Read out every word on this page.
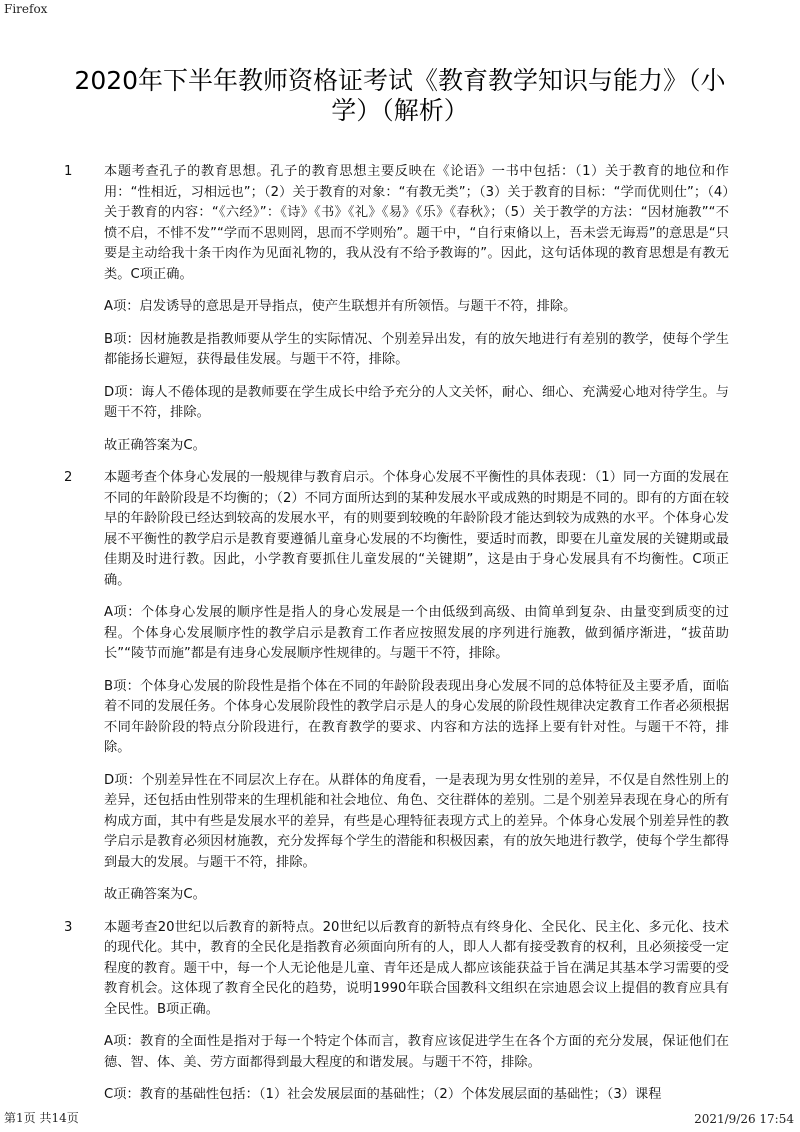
Firefox
2020年下半年教师资格证考试《教育教学知识与能力》（小学）（解析）
1 本题考查孔子的教育思想。孔子的教育思想主要反映在《论语》一书中包括：（1）关于教育的地位和作用：“性相近，习相远也”；（2）关于教育的对象：“有教无类”；（3）关于教育的目标：“学而优则仕”；（4）关于教育的内容：“《六经》”：《诗》《书》《礼》《易》《乐》《春秋》；（5）关于教学的方法：“因材施教”“不愤不启，不悱不发”“学而不思则罔，思而不学则殆”。题干中，“自行束脩以上，吾未尝无诲焉”的意思是“只要是主动给我十条干肉作为见面礼物的，我从没有不给予教诲的”。因此，这句话体现的教育思想是有教无类。C项正确。

A项：启发诱导的意思是开导指点，使产生联想并有所领悟。与题干不符，排除。

B项：因材施教是指教师要从学生的实际情况、个别差异出发，有的放矢地进行有差别的教学，使每个学生都能扬长避短，获得最佳发展。与题干不符，排除。

D项：诲人不倦体现的是教师要在学生成长中给予充分的人文关怀，耐心、细心、充满爱心地对待学生。与题干不符，排除。

故正确答案为C。

2 本题考查个体身心发展的一般规律与教育启示。个体身心发展不平衡性的具体表现：（1）同一方面的发展在不同的年龄阶段是不均衡的；（2）不同方面所达到的某种发展水平或成熟的时期是不同的。即有的方面在较早的年龄阶段已经达到较高的发展水平，有的则要到较晚的年龄阶段才能达到较为成熟的水平。个体身心发展不平衡性的教学启示是教育要遵循儿童身心发展的不均衡性，要适时而教，即要在儿童发展的关键期或最佳期及时进行教。因此，小学教育要抓住儿童发展的“关键期”，这是由于身心发展具有不均衡性。C项正确。

A项：个体身心发展的顺序性是指人的身心发展是一个由低级到高级、由简单到复杂、由量变到质变的过程。个体身心发展顺序性的教学启示是教育工作者应按照发展的序列进行施教，做到循序渐进，“拔苗助长”“陵节而施”都是有违身心发展顺序性规律的。与题干不符，排除。

B项：个体身心发展的阶段性是指个体在不同的年龄阶段表现出身心发展不同的总体特征及主要矛盾，面临着不同的发展任务。个体身心发展阶段性的教学启示是人的身心发展的阶段性规律决定教育工作者必须根据不同年龄阶段的特点分阶段进行，在教育教学的要求、内容和方法的选择上要有针对性。与题干不符，排除。

D项：个别差异性在不同层次上存在。从群体的角度看，一是表现为男女性别的差异，不仅是自然性别上的差异，还包括由性别带来的生理机能和社会地位、角色、交往群体的差别。二是个别差异表现在身心的所有构成方面，其中有些是发展水平的差异，有些是心理特征表现方式上的差异。个体身心发展个别差异性的教学启示是教育必须因材施教，充分发挥每个学生的潜能和积极因素，有的放矢地进行教学，使每个学生都得到最大的发展。与题干不符，排除。

故正确答案为C。

3 本题考查20世纪以后教育的新特点。20世纪以后教育的新特点有终身化、全民化、民主化、多元化、技术的现代化。其中，教育的全民化是指教育必须面向所有的人，即人人都有接受教育的权利，且必须接受一定程度的教育。题干中，每一个人无论他是儿童、青年还是成人都应该能获益于旨在满足其基本学习需要的受教育机会。这体现了教育全民化的趋势，说明1990年联合国教科文组织在宗迪恩会议上提倡的教育应具有全民性。B项正确。

A项：教育的全面性是指对于每一个特定个体而言，教育应该促进学生在各个方面的充分发展，保证他们在德、智、体、美、劳方面都得到最大程度的和谐发展。与题干不符，排除。

C项：教育的基础性包括：（1）社会发展层面的基础性；（2）个体发展层面的基础性；（3）课程

第1页 共14页	2021/9/26 17:54
